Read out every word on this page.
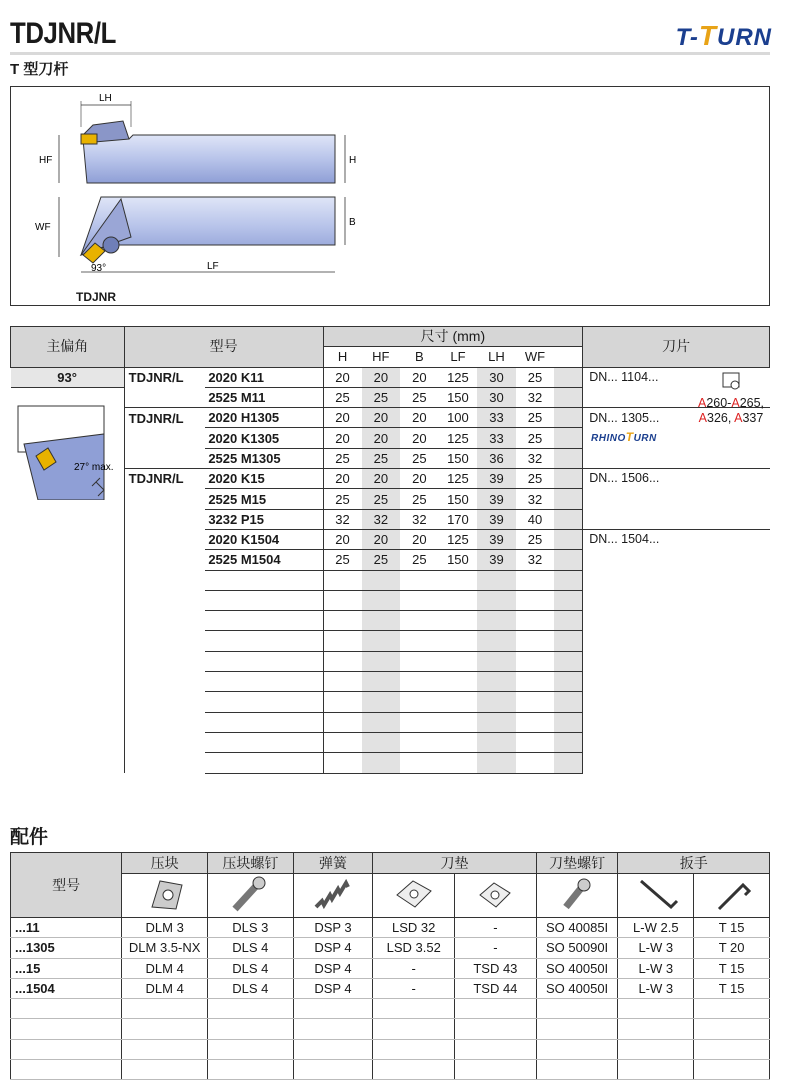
TDJNR/L	T-TURN
T 型刀杆
LH
HF	H
WF	B
LF
93°
TDJNR
主偏角	型号		尺寸 (mm)							刀片
			H	HF	B	LF	LH	WF		
93°	TDJNR/L	2020 K11	20	20	20	125	30	25		DN... 1104...
		2525 M11	25	25	25	150	30	32		
	TDJNR/L	2020 H1305	20	20	20	100	33	25		DN... 1305...
		2020 K1305	20	20	20	125	33	25		
		2525 M1305	25	25	25	150	36	32		
	TDJNR/L	2020 K15	20	20	20	125	39	25		DN... 1506...
		2525 M15	25	25	25	150	39	32		
		3232 P15	32	32	32	170	39	40		
		2020 K1504	20	20	20	125	39	25		DN... 1504...
		2525 M1504	25	25	25	150	39	32		

27° max.
A260-A265,
A326, A337
RHINOTURN
配件
型号	压块	压块螺钉	弹簧	刀垫		刀垫螺钉	扳手	

...11	DLM 3	DLS 3	DSP 3	LSD 32	-	SO 40085I	L-W 2.5	T 15
...1305	DLM 3.5-NX	DLS 4	DSP 4	LSD 3.52	-	SO 50090I	L-W 3	T 20
...15	DLM 4	DLS 4	DSP 4	-	TSD 43	SO 40050I	L-W 3	T 15
...1504	DLM 4	DLS 4	DSP 4	-	TSD 44	SO 40050I	L-W 3	T 15
